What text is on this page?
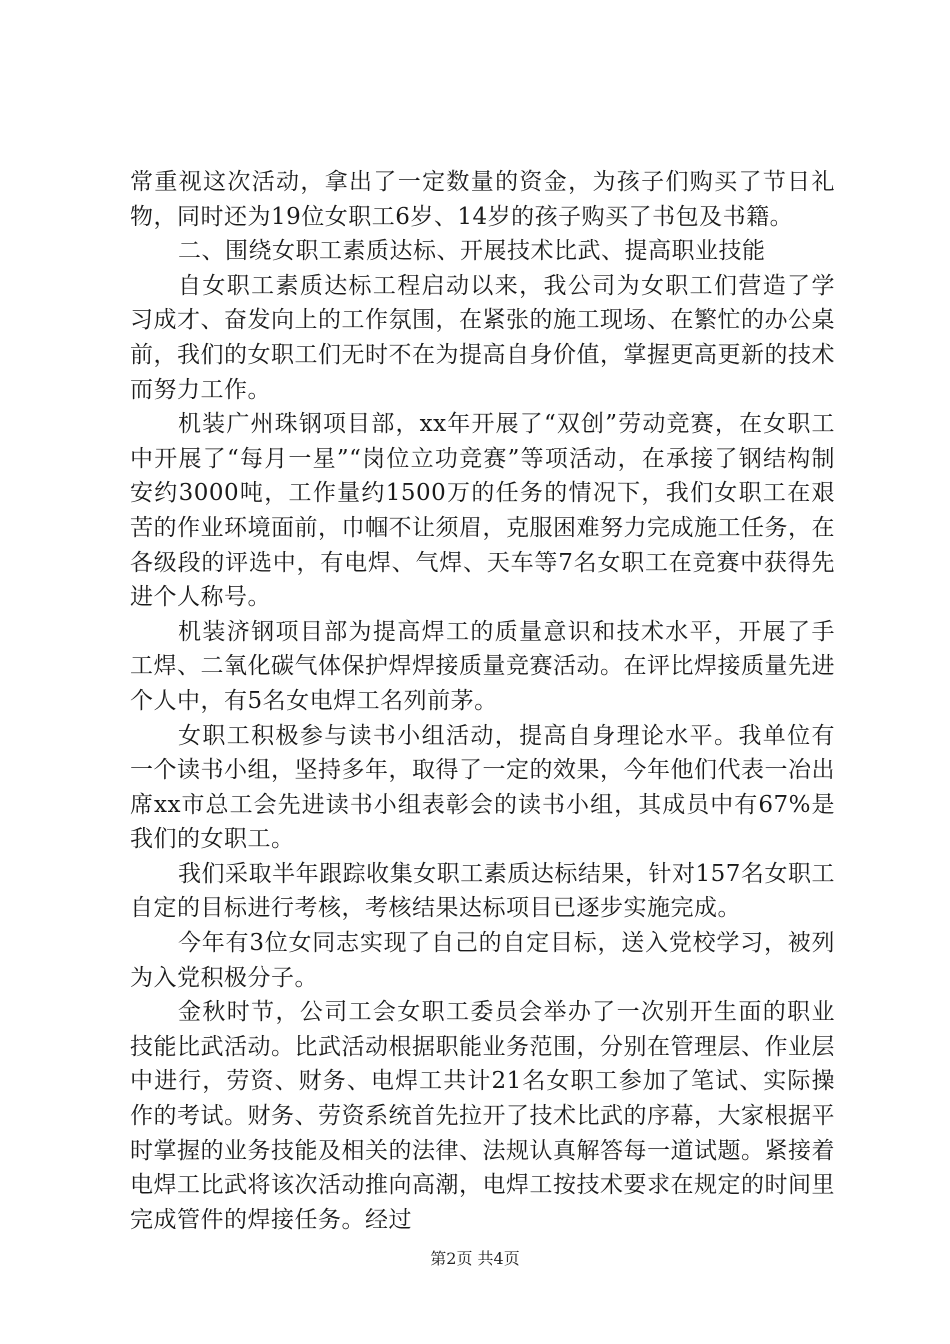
常重视这次活动，拿出了一定数量的资金，为孩子们购买了节日礼物，同时还为19位女职工6岁、14岁的孩子购买了书包及书籍。

二、围绕女职工素质达标、开展技术比武、提高职业技能

自女职工素质达标工程启动以来，我公司为女职工们营造了学习成才、奋发向上的工作氛围，在紧张的施工现场、在繁忙的办公桌前，我们的女职工们无时不在为提高自身价值，掌握更高更新的技术而努力工作。

机装广州珠钢项目部，xx年开展了“双创”劳动竞赛，在女职工中开展了“每月一星”“岗位立功竞赛”等项活动，在承接了钢结构制安约3000吨，工作量约1500万的任务的情况下，我们女职工在艰苦的作业环境面前，巾帼不让须眉，克服困难努力完成施工任务，在各级段的评选中，有电焊、气焊、天车等7名女职工在竞赛中获得先进个人称号。

机装济钢项目部为提高焊工的质量意识和技术水平，开展了手工焊、二氧化碳气体保护焊焊接质量竞赛活动。在评比焊接质量先进个人中，有5名女电焊工名列前茅。

女职工积极参与读书小组活动，提高自身理论水平。我单位有一个读书小组，坚持多年，取得了一定的效果，今年他们代表一冶出席xx市总工会先进读书小组表彰会的读书小组，其成员中有67%是我们的女职工。

我们采取半年跟踪收集女职工素质达标结果，针对157名女职工自定的目标进行考核，考核结果达标项目已逐步实施完成。

今年有3位女同志实现了自己的自定目标，送入党校学习，被列为入党积极分子。

金秋时节，公司工会女职工委员会举办了一次别开生面的职业技能比武活动。比武活动根据职能业务范围，分别在管理层、作业层中进行，劳资、财务、电焊工共计21名女职工参加了笔试、实际操作的考试。财务、劳资系统首先拉开了技术比武的序幕，大家根据平时掌握的业务技能及相关的法律、法规认真解答每一道试题。紧接着电焊工比武将该次活动推向高潮，电焊工按技术要求在规定的时间里完成管件的焊接任务。经过

第2页 共4页
